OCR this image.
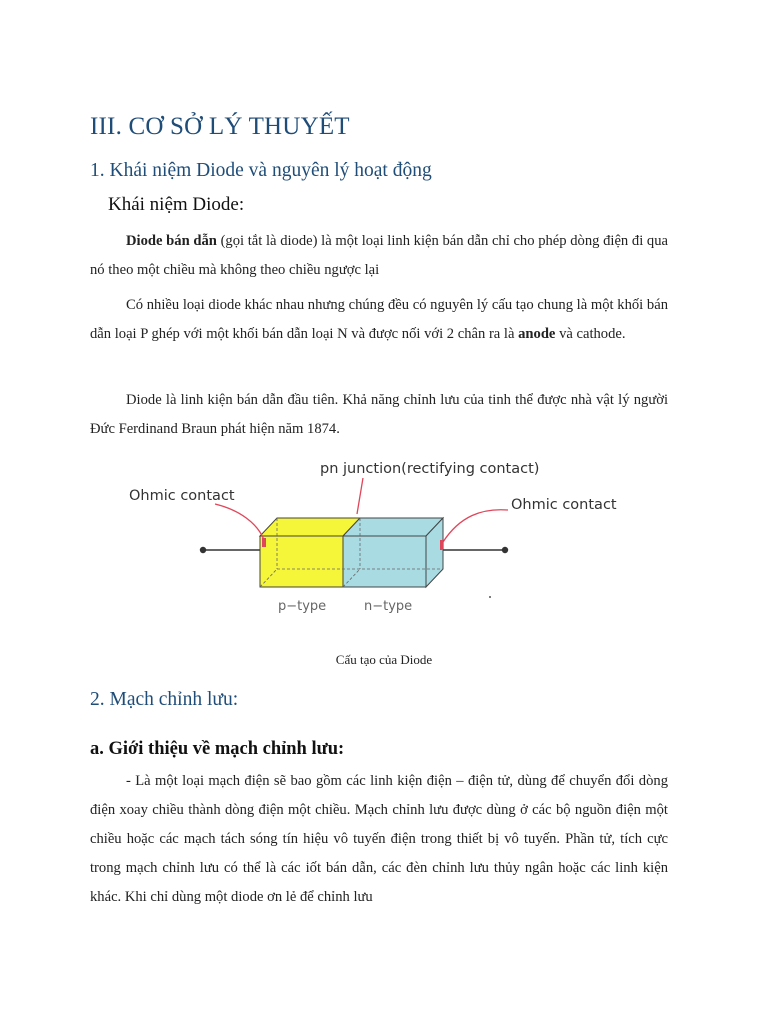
III. CƠ SỞ LÝ THUYẾT
1. Khái niệm Diode và nguyên lý hoạt động
Khái niệm Diode:
Diode bán dẫn (gọi tắt là diode) là một loại linh kiện bán dẫn chỉ cho phép dòng điện đi qua nó theo một chiều mà không theo chiều ngược lại
Có nhiều loại diode khác nhau nhưng chúng đều có nguyên lý cấu tạo chung là một khối bán dẫn loại P ghép với một khối bán dẫn loại N và được nối với 2 chân ra là anode và cathode.
Diode là linh kiện bán dẫn đầu tiên. Khả năng chỉnh lưu của tinh thể được nhà vật lý người Đức Ferdinand Braun phát hiện năm 1874.
pn junction(rectifying contact)
Ohmic contact
Ohmic contact
p−type	n−type
Cấu tạo của Diode
2. Mạch chỉnh lưu:
a. Giới thiệu về mạch chỉnh lưu:
- Là một loại mạch điện sẽ bao gồm các linh kiện điện – điện tử, dùng để chuyển đổi dòng điện xoay chiều thành dòng điện một chiều. Mạch chỉnh lưu được dùng ở các bộ nguồn điện một chiều hoặc các mạch tách sóng tín hiệu vô tuyến điện trong thiết bị vô tuyến. Phần tử, tích cực trong mạch chỉnh lưu có thể là các iốt bán dẫn, các đèn chỉnh lưu thủy ngân hoặc các linh kiện khác. Khi chỉ dùng một diode ơn lẻ để chỉnh lưu
